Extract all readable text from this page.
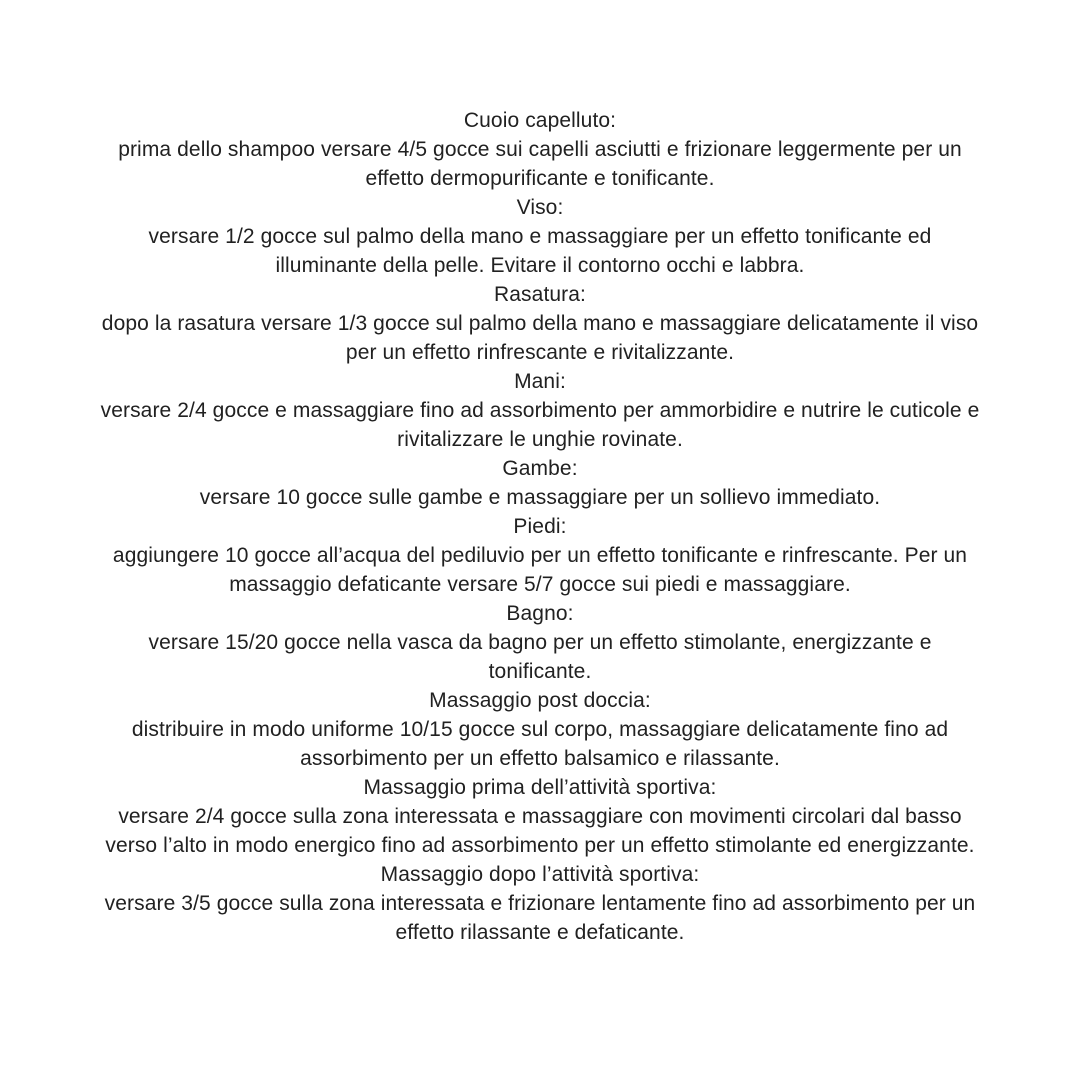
Cuoio capelluto:
prima dello shampoo versare 4/5 gocce sui capelli asciutti e frizionare leggermente per un effetto dermopurificante e tonificante.
Viso:
versare 1/2 gocce sul palmo della mano e massaggiare per un effetto tonificante ed illuminante della pelle. Evitare il contorno occhi e labbra.
Rasatura:
dopo la rasatura versare 1/3 gocce sul palmo della mano e massaggiare delicatamente il viso per un effetto rinfrescante e rivitalizzante.
Mani:
versare 2/4 gocce e massaggiare fino ad assorbimento per ammorbidire e nutrire le cuticole e rivitalizzare le unghie rovinate.
Gambe:
versare 10 gocce sulle gambe e massaggiare per un sollievo immediato.
Piedi:
aggiungere 10 gocce all’acqua del pediluvio per un effetto tonificante e rinfrescante. Per un massaggio defaticante versare 5/7 gocce sui piedi e massaggiare.
Bagno:
versare 15/20 gocce nella vasca da bagno per un effetto stimolante, energizzante e tonificante.
Massaggio post doccia:
distribuire in modo uniforme 10/15 gocce sul corpo, massaggiare delicatamente fino ad assorbimento per un effetto balsamico e rilassante.
Massaggio prima dell’attività sportiva:
versare 2/4 gocce sulla zona interessata e massaggiare con movimenti circolari dal basso verso l’alto in modo energico fino ad assorbimento per un effetto stimolante ed energizzante.
Massaggio dopo l’attività sportiva:
versare 3/5 gocce sulla zona interessata e frizionare lentamente fino ad assorbimento per un effetto rilassante e defaticante.
